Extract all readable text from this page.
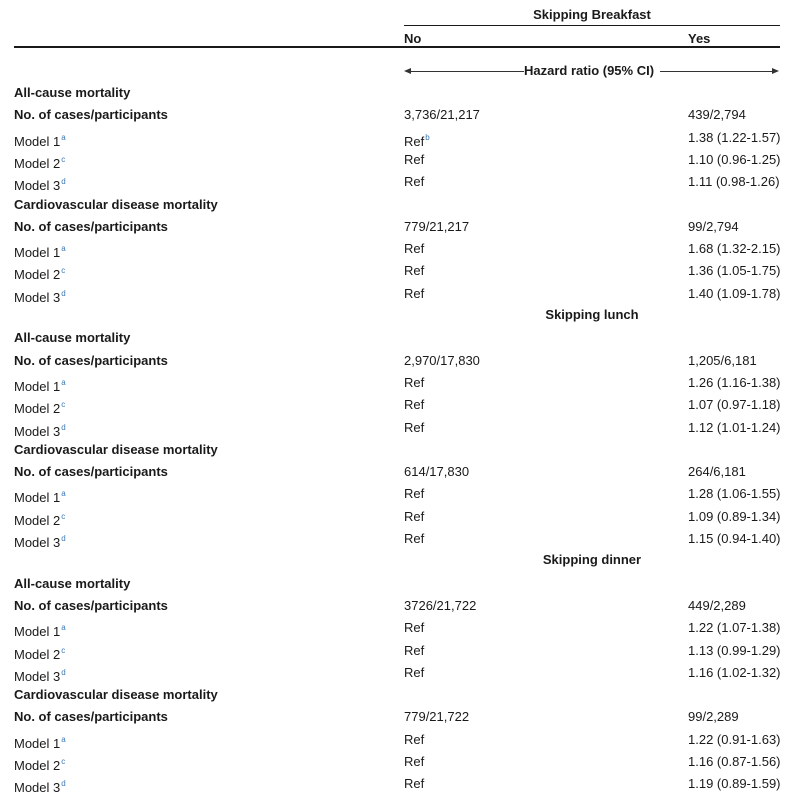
Skipping Breakfast
No	Yes
Hazard ratio (95% CI)
All-cause mortality
No. of cases/participants	3,736/21,217	439/2,794
Model 1$^a$	Ref$^b$	1.38 (1.22-1.57)
Model 2$^c$	Ref	1.10 (0.96-1.25)
Model 3$^d$	Ref	1.11 (0.98-1.26)
Cardiovascular disease mortality
No. of cases/participants	779/21,217	99/2,794
Model 1$^a$	Ref	1.68 (1.32-2.15)
Model 2$^c$	Ref	1.36 (1.05-1.75)
Model 3$^d$	Ref	1.40 (1.09-1.78)
Skipping lunch
All-cause mortality
No. of cases/participants	2,970/17,830	1,205/6,181
Model 1$^a$	Ref	1.26 (1.16-1.38)
Model 2$^c$	Ref	1.07 (0.97-1.18)
Model 3$^d$	Ref	1.12 (1.01-1.24)
Cardiovascular disease mortality
No. of cases/participants	614/17,830	264/6,181
Model 1$^a$	Ref	1.28 (1.06-1.55)
Model 2$^c$	Ref	1.09 (0.89-1.34)
Model 3$^d$	Ref	1.15 (0.94-1.40)
Skipping dinner
All-cause mortality
No. of cases/participants	3726/21,722	449/2,289
Model 1$^a$	Ref	1.22 (1.07-1.38)
Model 2$^c$	Ref	1.13 (0.99-1.29)
Model 3$^d$	Ref	1.16 (1.02-1.32)
Cardiovascular disease mortality
No. of cases/participants	779/21,722	99/2,289
Model 1$^a$	Ref	1.22 (0.91-1.63)
Model 2$^c$	Ref	1.16 (0.87-1.56)
Model 3$^d$	Ref	1.19 (0.89-1.59)
